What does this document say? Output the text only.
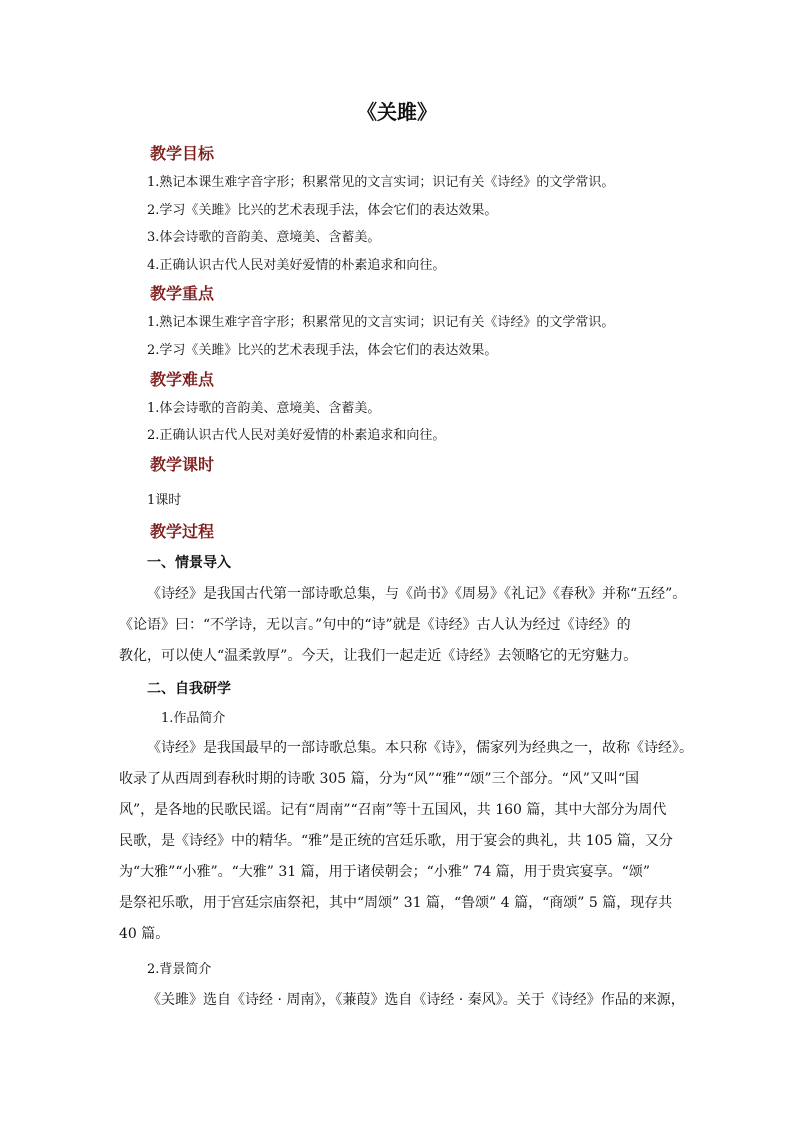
《关雎》
教学目标
1.熟记本课生难字音字形；积累常见的文言实词；识记有关《诗经》的文学常识。
2.学习《关雎》比兴的艺术表现手法，体会它们的表达效果。
3.体会诗歌的音韵美、意境美、含蓄美。
4.正确认识古代人民对美好爱情的朴素追求和向往。
教学重点
1.熟记本课生难字音字形；积累常见的文言实词；识记有关《诗经》的文学常识。
2.学习《关雎》比兴的艺术表现手法，体会它们的表达效果。
教学难点
1.体会诗歌的音韵美、意境美、含蓄美。
2.正确认识古代人民对美好爱情的朴素追求和向往。
教学课时
1课时
教学过程
一、情景导入
《诗经》是我国古代第一部诗歌总集，与《尚书》《周易》《礼记》《春秋》并称“五经”。
《论语》曰：“不学诗，无以言。”句中的“诗”就是《诗经》古人认为经过《诗经》的
教化，可以使人“温柔敦厚”。今天，让我们一起走近《诗经》去领略它的无穷魅力。
二、自我研学
1.作品简介
《诗经》是我国最早的一部诗歌总集。本只称《诗》，儒家列为经典之一，故称《诗经》。
收录了从西周到春秋时期的诗歌 305 篇，分为“风”“雅”“颂”三个部分。“风”又叫“国
风”，是各地的民歌民谣。记有“周南”“召南”等十五国风，共 160 篇，其中大部分为周代
民歌，是《诗经》中的精华。“雅”是正统的宫廷乐歌，用于宴会的典礼，共 105 篇，又分
为“大雅”“小雅”。“大雅” 31 篇，用于诸侯朝会；“小雅” 74 篇，用于贵宾宴享。“颂”
是祭祀乐歌，用于宫廷宗庙祭祀，其中“周颂” 31 篇，“鲁颂” 4 篇，“商颂” 5 篇，现存共
40 篇。
2.背景简介
《关雎》选自《诗经 · 周南》，《蒹葭》选自《诗经 · 秦风》。关于《诗经》作品的来源，
